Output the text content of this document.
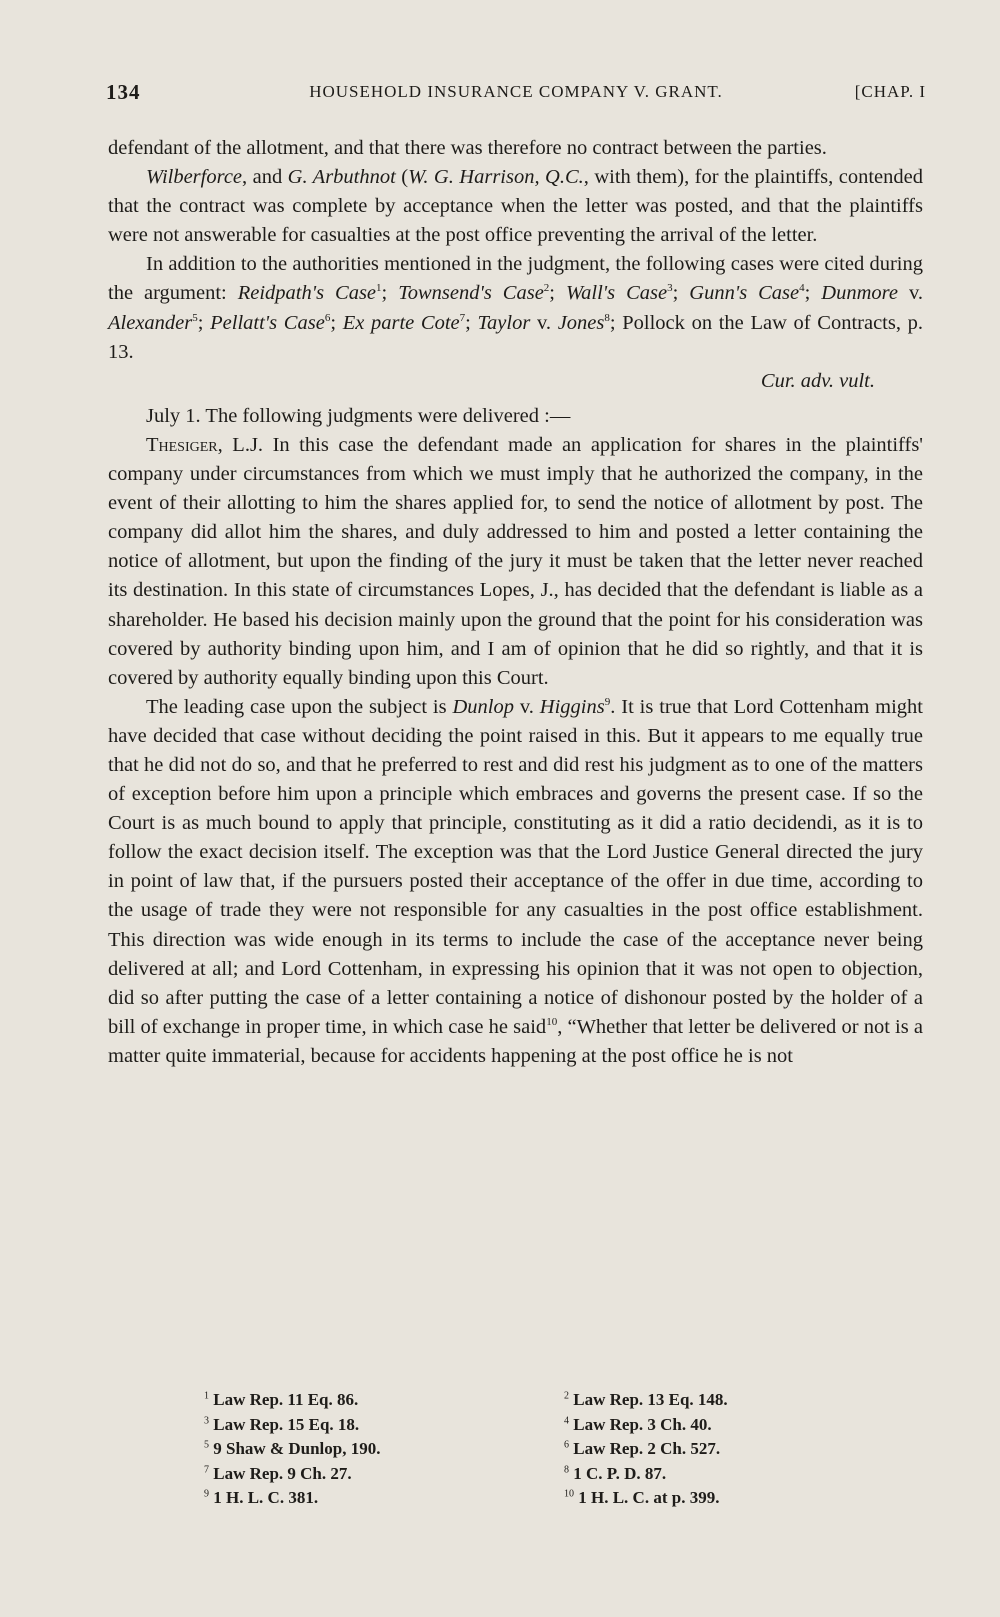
134	HOUSEHOLD INSURANCE COMPANY V. GRANT.	[CHAP. I

defendant of the allotment, and that there was therefore no contract between the parties.

Wilberforce, and G. Arbuthnot (W. G. Harrison, Q.C., with them), for the plaintiffs, contended that the contract was complete by acceptance when the letter was posted, and that the plaintiffs were not answerable for casualties at the post office preventing the arrival of the letter.

In addition to the authorities mentioned in the judgment, the following cases were cited during the argument: Reidpath's Case$^1$; Townsend's Case$^2$; Wall's Case$^3$; Gunn's Case$^4$; Dunmore v. Alexander$^5$; Pellatt's Case$^6$; Ex parte Cote$^7$; Taylor v. Jones$^8$; Pollock on the Law of Contracts, p. 13.

Cur. adv. vult.

July 1. The following judgments were delivered :—

Thesiger, L.J. In this case the defendant made an application for shares in the plaintiffs' company under circumstances from which we must imply that he authorized the company, in the event of their allotting to him the shares applied for, to send the notice of allotment by post. The company did allot him the shares, and duly addressed to him and posted a letter containing the notice of allotment, but upon the finding of the jury it must be taken that the letter never reached its destination. In this state of circumstances Lopes, J., has decided that the defendant is liable as a shareholder. He based his decision mainly upon the ground that the point for his consideration was covered by authority binding upon him, and I am of opinion that he did so rightly, and that it is covered by authority equally binding upon this Court.

The leading case upon the subject is Dunlop v. Higgins$^9$. It is true that Lord Cottenham might have decided that case without deciding the point raised in this. But it appears to me equally true that he did not do so, and that he preferred to rest and did rest his judgment as to one of the matters of exception before him upon a principle which embraces and governs the present case. If so the Court is as much bound to apply that principle, constituting as it did a ratio decidendi, as it is to follow the exact decision itself. The exception was that the Lord Justice General directed the jury in point of law that, if the pursuers posted their acceptance of the offer in due time, according to the usage of trade they were not responsible for any casualties in the post office establishment. This direction was wide enough in its terms to include the case of the acceptance never being delivered at all; and Lord Cottenham, in expressing his opinion that it was not open to objection, did so after putting the case of a letter containing a notice of dishonour posted by the holder of a bill of exchange in proper time, in which case he said$^{10}$, “Whether that letter be delivered or not is a matter quite immaterial, because for accidents happening at the post office he is not

$^1$ Law Rep. 11 Eq. 86.	$^2$ Law Rep. 13 Eq. 148.
$^3$ Law Rep. 15 Eq. 18.	$^4$ Law Rep. 3 Ch. 40.
$^5$ 9 Shaw & Dunlop, 190.	$^6$ Law Rep. 2 Ch. 527.
$^7$ Law Rep. 9 Ch. 27.	$^8$ 1 C. P. D. 87.
$^9$ 1 H. L. C. 381.	$^{10}$ 1 H. L. C. at p. 399.
